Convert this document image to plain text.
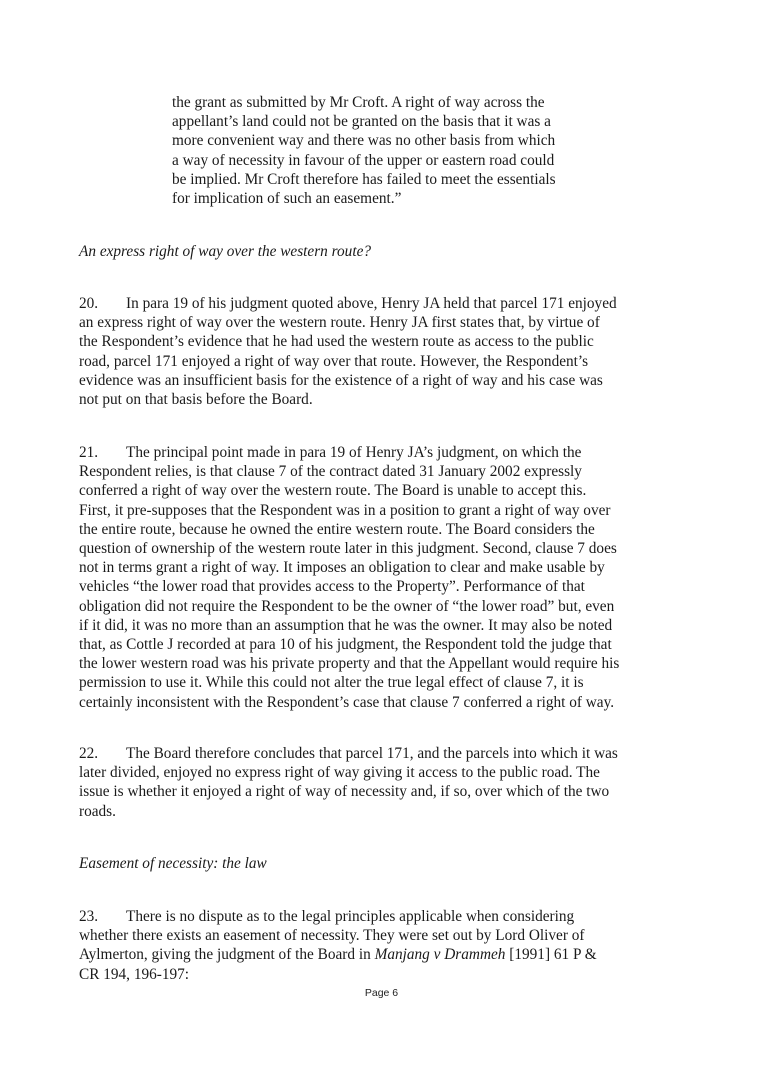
the grant as submitted by Mr Croft. A right of way across the
appellant’s land could not be granted on the basis that it was a
more convenient way and there was no other basis from which
a way of necessity in favour of the upper or eastern road could
be implied. Mr Croft therefore has failed to meet the essentials
for implication of such an easement.”

An express right of way over the western route?

20. In para 19 of his judgment quoted above, Henry JA held that parcel 171 enjoyed
an express right of way over the western route. Henry JA first states that, by virtue of
the Respondent’s evidence that he had used the western route as access to the public
road, parcel 171 enjoyed a right of way over that route. However, the Respondent’s
evidence was an insufficient basis for the existence of a right of way and his case was
not put on that basis before the Board.
21. The principal point made in para 19 of Henry JA’s judgment, on which the
Respondent relies, is that clause 7 of the contract dated 31 January 2002 expressly
conferred a right of way over the western route. The Board is unable to accept this.
First, it pre-supposes that the Respondent was in a position to grant a right of way over
the entire route, because he owned the entire western route. The Board considers the
question of ownership of the western route later in this judgment. Second, clause 7 does
not in terms grant a right of way. It imposes an obligation to clear and make usable by
vehicles “the lower road that provides access to the Property”. Performance of that
obligation did not require the Respondent to be the owner of “the lower road” but, even
if it did, it was no more than an assumption that he was the owner. It may also be noted
that, as Cottle J recorded at para 10 of his judgment, the Respondent told the judge that
the lower western road was his private property and that the Appellant would require his
permission to use it. While this could not alter the true legal effect of clause 7, it is
certainly inconsistent with the Respondent’s case that clause 7 conferred a right of way.
22. The Board therefore concludes that parcel 171, and the parcels into which it was
later divided, enjoyed no express right of way giving it access to the public road. The
issue is whether it enjoyed a right of way of necessity and, if so, over which of the two
roads.

Easement of necessity: the law

23. There is no dispute as to the legal principles applicable when considering
whether there exists an easement of necessity. They were set out by Lord Oliver of
Aylmerton, giving the judgment of the Board in Manjang v Drammeh [1991] 61 P &
CR 194, 196-197:
Page 6
